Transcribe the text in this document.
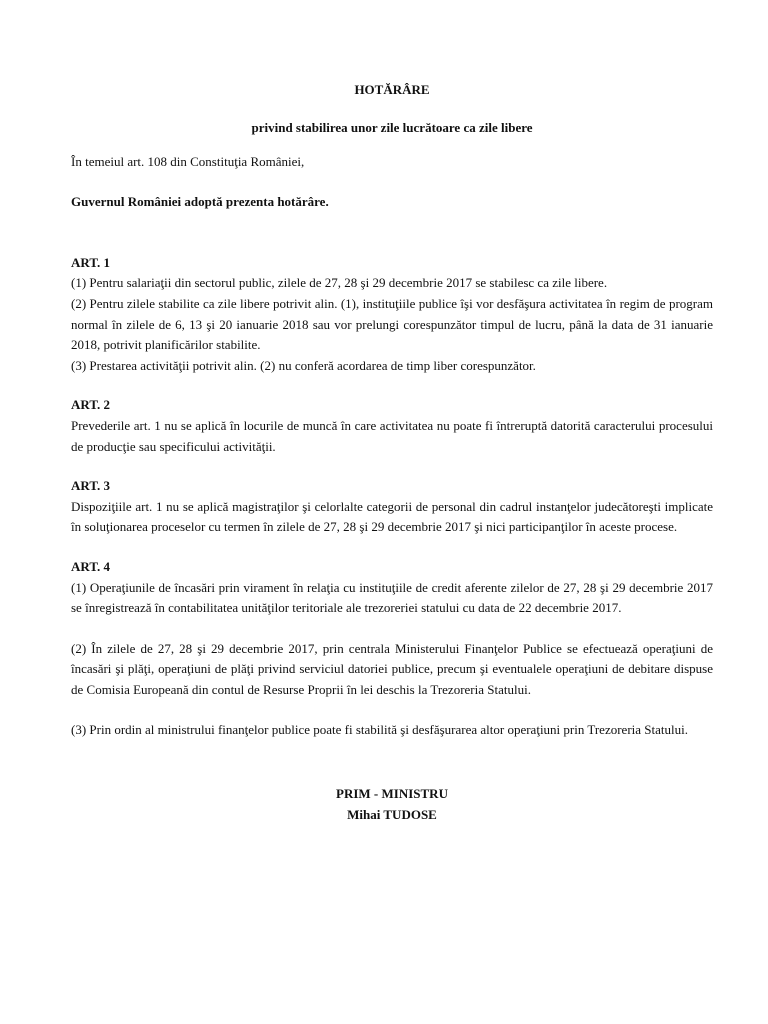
HOTĂRÂRE

privind stabilirea unor zile lucrătoare ca zile libere

În temeiul art. 108 din Constituţia României,

Guvernul României adoptă prezenta hotărâre.

ART. 1

(1) Pentru salariaţii din sectorul public, zilele de 27, 28 şi 29 decembrie 2017 se stabilesc ca zile libere.

(2) Pentru zilele stabilite ca zile libere potrivit alin. (1), instituţiile publice îşi vor desfăşura activitatea în regim de program normal în zilele de 6, 13 şi 20 ianuarie 2018 sau vor prelungi corespunzător timpul de lucru, până la data de 31 ianuarie 2018, potrivit planificărilor stabilite.

(3) Prestarea activităţii potrivit alin. (2) nu conferă acordarea de timp liber corespunzător.

ART. 2

Prevederile art. 1 nu se aplică în locurile de muncă în care activitatea nu poate fi întreruptă datorită caracterului procesului de producţie sau specificului activităţii.

ART. 3

Dispoziţiile art. 1 nu se aplică magistraţilor şi celorlalte categorii de personal din cadrul instanţelor judecătoreşti implicate în soluţionarea proceselor cu termen în zilele de 27, 28 şi 29 decembrie 2017 şi nici participanţilor în aceste procese.

ART. 4

(1) Operaţiunile de încasări prin virament în relaţia cu instituţiile de credit aferente zilelor de 27, 28 şi 29 decembrie 2017 se înregistrează în contabilitatea unităţilor teritoriale ale trezoreriei statului cu data de 22 decembrie 2017.

(2) În zilele de 27, 28 şi 29 decembrie 2017, prin centrala Ministerului Finanţelor Publice se efectuează operaţiuni de încasări şi plăţi, operaţiuni de plăţi privind serviciul datoriei publice, precum şi eventualele operaţiuni de debitare dispuse de Comisia Europeană din contul de Resurse Proprii în lei deschis la Trezoreria Statului.

(3) Prin ordin al ministrului finanţelor publice poate fi stabilită şi desfăşurarea altor operaţiuni prin Trezoreria Statului.

PRIM - MINISTRU
Mihai TUDOSE
